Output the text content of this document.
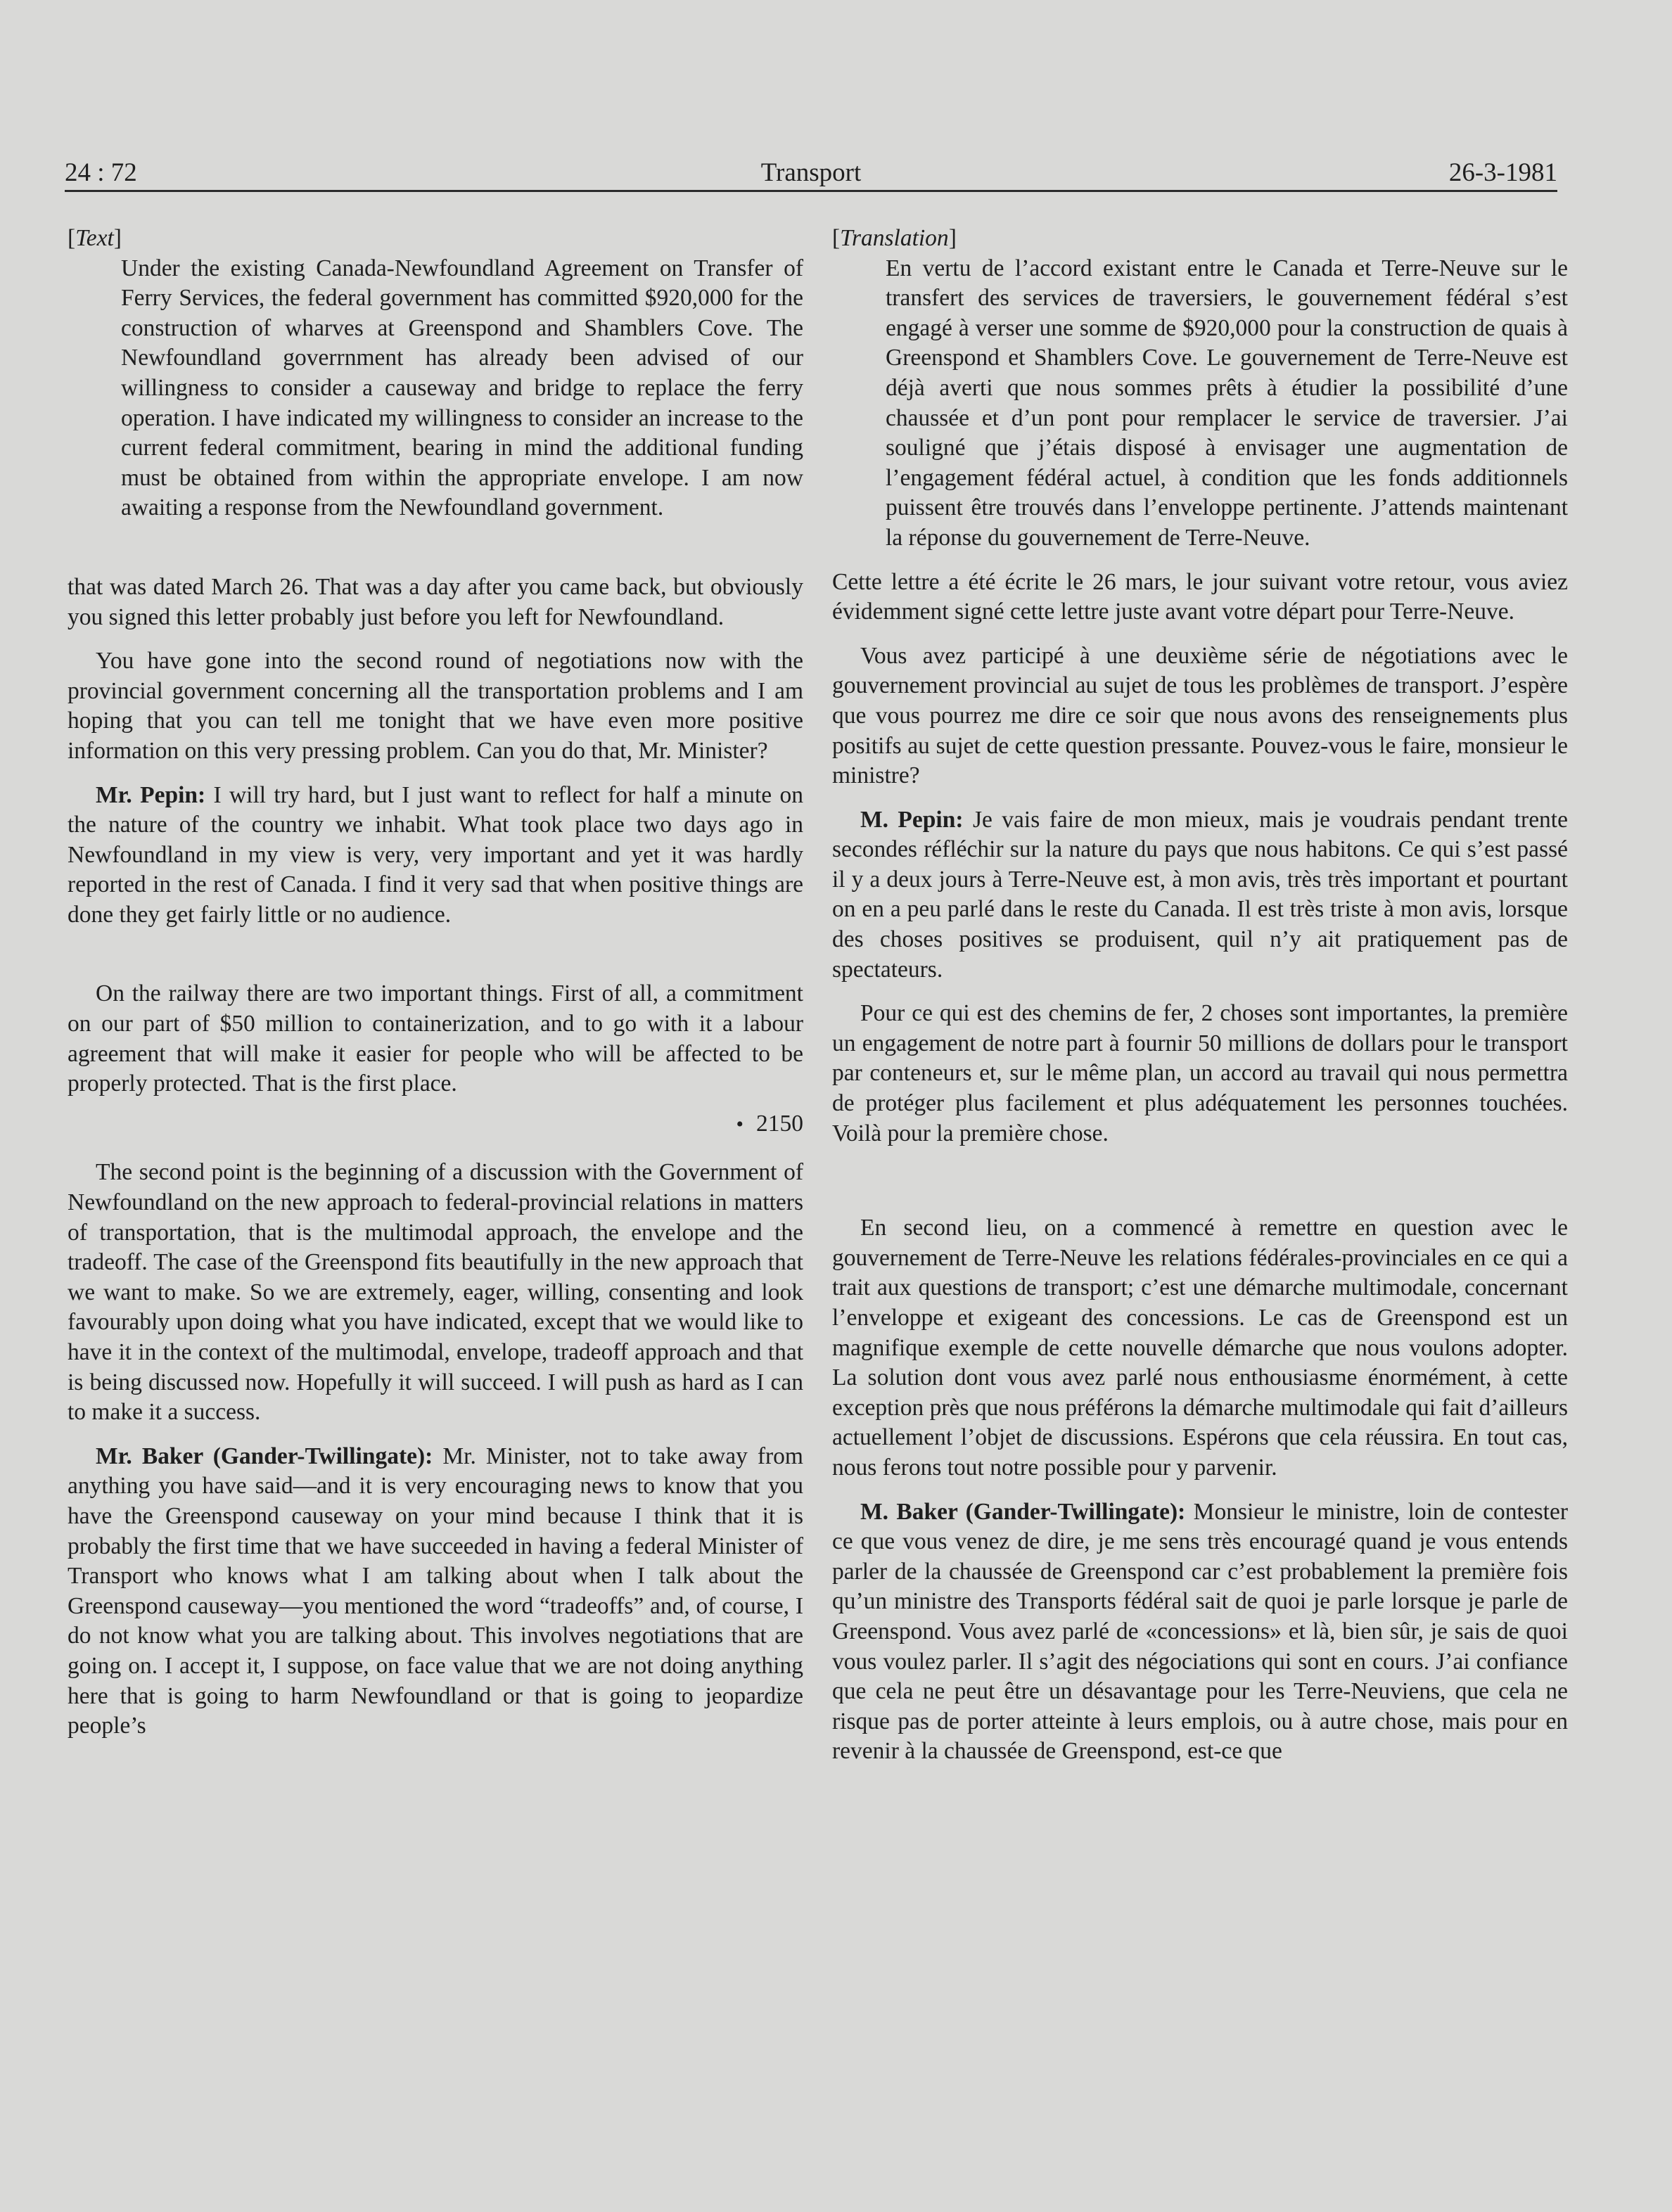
24 : 72	Transport	26-3-1981

[Text]

Under the existing Canada-Newfoundland Agreement on Transfer of Ferry Services, the federal government has committed $920,000 for the construction of wharves at Greenspond and Shamblers Cove. The Newfoundland goverrnment has already been advised of our willingness to consider a causeway and bridge to replace the ferry operation. I have indicated my willingness to consider an increase to the current federal commitment, bearing in mind the additional funding must be obtained from within the appropriate envelope. I am now awaiting a response from the Newfoundland government.

that was dated March 26. That was a day after you came back, but obviously you signed this letter probably just before you left for Newfoundland.

You have gone into the second round of negotiations now with the provincial government concerning all the transportation problems and I am hoping that you can tell me tonight that we have even more positive information on this very pressing problem. Can you do that, Mr. Minister?

Mr. Pepin: I will try hard, but I just want to reflect for half a minute on the nature of the country we inhabit. What took place two days ago in Newfoundland in my view is very, very important and yet it was hardly reported in the rest of Canada. I find it very sad that when positive things are done they get fairly little or no audience.

On the railway there are two important things. First of all, a commitment on our part of $50 million to containerization, and to go with it a labour agreement that will make it easier for people who will be affected to be properly protected. That is the first place.

• 2150

The second point is the beginning of a discussion with the Government of Newfoundland on the new approach to federal-provincial relations in matters of transportation, that is the multimodal approach, the envelope and the tradeoff. The case of the Greenspond fits beautifully in the new approach that we want to make. So we are extremely, eager, willing, consenting and look favourably upon doing what you have indicated, except that we would like to have it in the context of the multimodal, envelope, tradeoff approach and that is being discussed now. Hopefully it will succeed. I will push as hard as I can to make it a success.

Mr. Baker (Gander-Twillingate): Mr. Minister, not to take away from anything you have said—and it is very encouraging news to know that you have the Greenspond causeway on your mind because I think that it is probably the first time that we have succeeded in having a federal Minister of Transport who knows what I am talking about when I talk about the Greenspond causeway—you mentioned the word “tradeoffs” and, of course, I do not know what you are talking about. This involves negotiations that are going on. I accept it, I suppose, on face value that we are not doing anything here that is going to harm Newfoundland or that is going to jeopardize people’s

[Translation]

En vertu de l’accord existant entre le Canada et Terre-Neuve sur le transfert des services de traversiers, le gouvernement fédéral s’est engagé à verser une somme de $920,000 pour la construction de quais à Greenspond et Shamblers Cove. Le gouvernement de Terre-Neuve est déjà averti que nous sommes prêts à étudier la possibilité d’une chaussée et d’un pont pour remplacer le service de traversier. J’ai souligné que j’étais disposé à envisager une augmentation de l’engagement fédéral actuel, à condition que les fonds additionnels puissent être trouvés dans l’enveloppe pertinente. J’attends maintenant la réponse du gouvernement de Terre-Neuve.

Cette lettre a été écrite le 26 mars, le jour suivant votre retour, vous aviez évidemment signé cette lettre juste avant votre départ pour Terre-Neuve.

Vous avez participé à une deuxième série de négotiations avec le gouvernement provincial au sujet de tous les problèmes de transport. J’espère que vous pourrez me dire ce soir que nous avons des renseignements plus positifs au sujet de cette question pressante. Pouvez-vous le faire, monsieur le ministre?

M. Pepin: Je vais faire de mon mieux, mais je voudrais pendant trente secondes réfléchir sur la nature du pays que nous habitons. Ce qui s’est passé il y a deux jours à Terre-Neuve est, à mon avis, très très important et pourtant on en a peu parlé dans le reste du Canada. Il est très triste à mon avis, lorsque des choses positives se produisent, quil n’y ait pratiquement pas de spectateurs.

Pour ce qui est des chemins de fer, 2 choses sont importantes, la première un engagement de notre part à fournir 50 millions de dollars pour le transport par conteneurs et, sur le même plan, un accord au travail qui nous permettra de protéger plus facilement et plus adéquatement les personnes touchées. Voilà pour la première chose.

En second lieu, on a commencé à remettre en question avec le gouvernement de Terre-Neuve les relations fédérales-provinciales en ce qui a trait aux questions de transport; c’est une démarche multimodale, concernant l’enveloppe et exigeant des concessions. Le cas de Greenspond est un magnifique exemple de cette nouvelle démarche que nous voulons adopter. La solution dont vous avez parlé nous enthousiasme énormément, à cette exception près que nous préférons la démarche multimodale qui fait d’ailleurs actuellement l’objet de discussions. Espérons que cela réussira. En tout cas, nous ferons tout notre possible pour y parvenir.

M. Baker (Gander-Twillingate): Monsieur le ministre, loin de contester ce que vous venez de dire, je me sens très encouragé quand je vous entends parler de la chaussée de Greenspond car c’est probablement la première fois qu’un ministre des Transports fédéral sait de quoi je parle lorsque je parle de Greenspond. Vous avez parlé de «concessions» et là, bien sûr, je sais de quoi vous voulez parler. Il s’agit des négociations qui sont en cours. J’ai confiance que cela ne peut être un désavantage pour les Terre-Neuviens, que cela ne risque pas de porter atteinte à leurs emplois, ou à autre chose, mais pour en revenir à la chaussée de Greenspond, est-ce que
